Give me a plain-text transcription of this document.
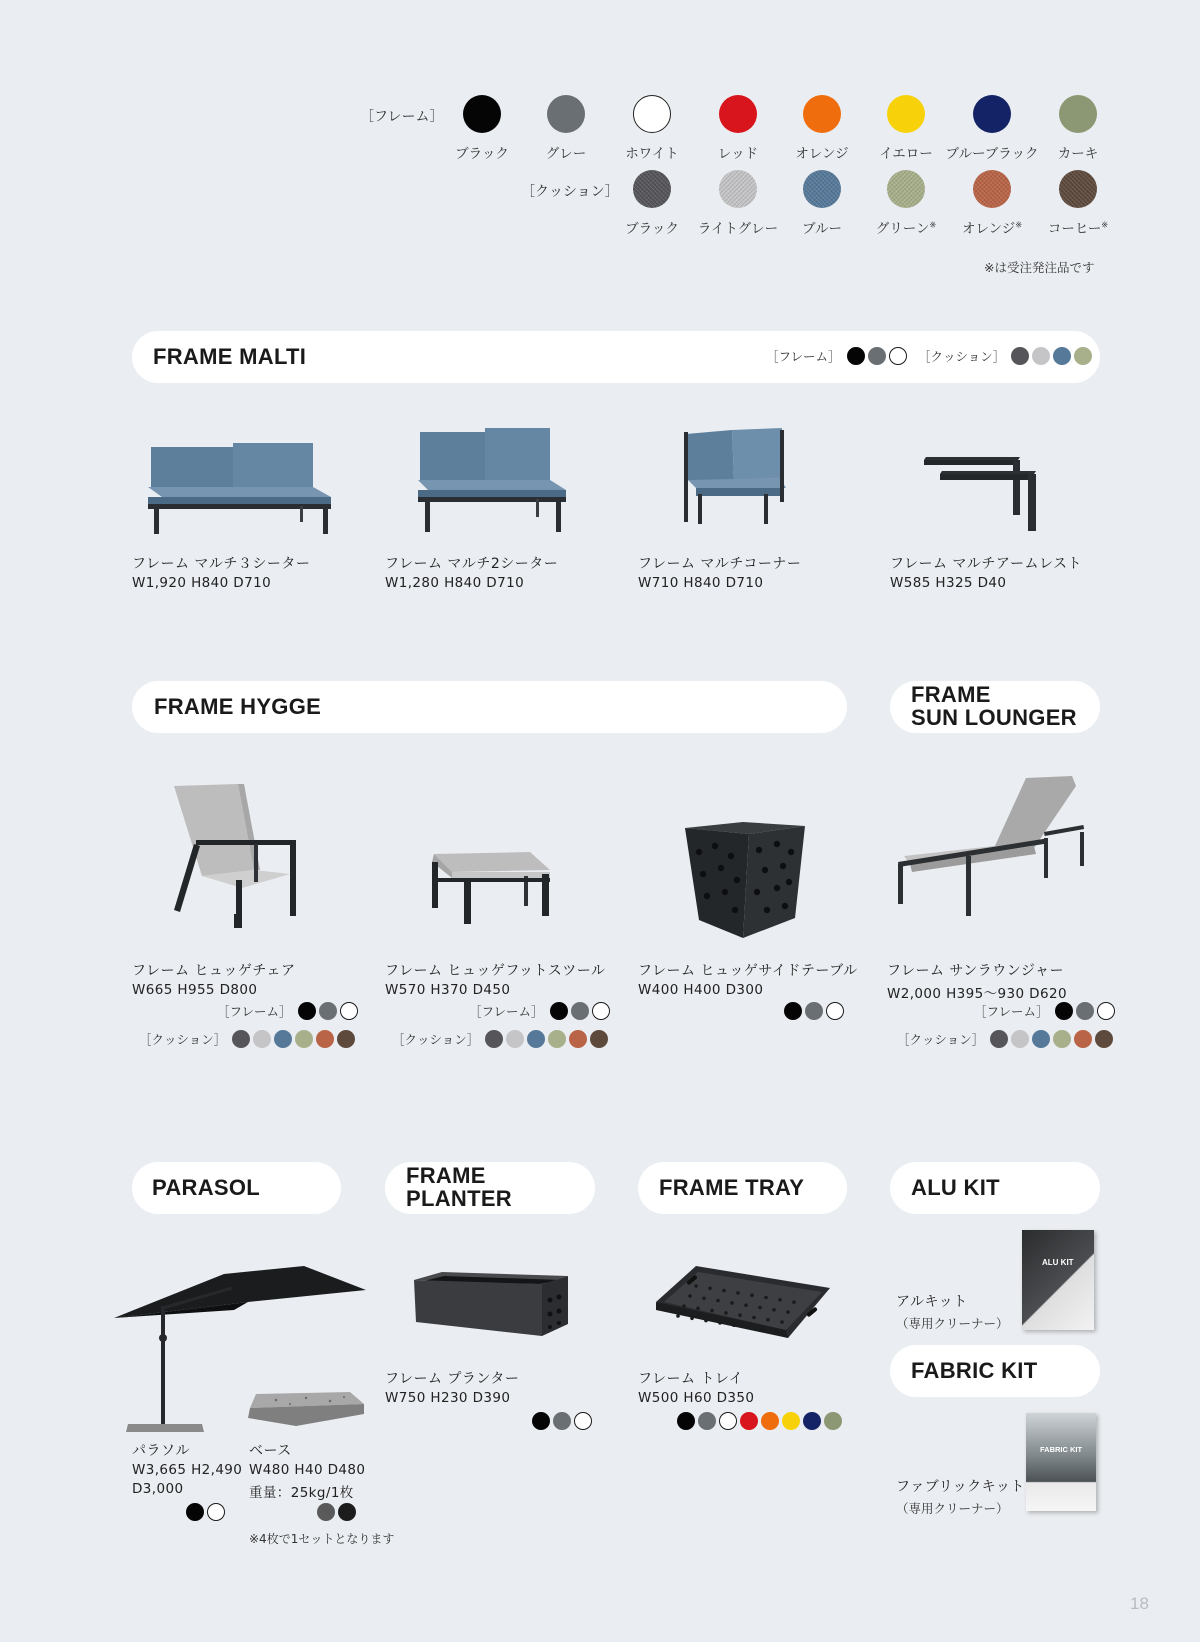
［フレーム］
ブラック	グレー	ホワイト	レッド	オレンジ	イエロー ブルーブラック	カーキ
［クッション］
ブラック	ライトグレー	ブルー	グリーン※	オレンジ※	コーヒー※
※は受注発注品です
FRAME MALTI	［フレーム］	［クッション］
フレーム マルチ３シーター
W1,920 H840 D710
フレーム マルチ2シーター
W1,280 H840 D710
フレーム マルチコーナー
W710 H840 D710
フレーム マルチアームレスト
W585 H325 D40
FRAME HYGGE	FRAME
SUN LOUNGER
フレーム ヒュッゲチェア
W665 H955 D800
［フレーム］
［クッション］
フレーム ヒュッゲフットスツール
W570 H370 D450
［フレーム］
［クッション］
フレーム ヒュッゲサイドテーブル
W400 H400 D300
フレーム サンラウンジャー
W2,000 H395～930 D620
［フレーム］
［クッション］
PARASOL	FRAME
PLANTER	FRAME TRAY	ALU KIT
パラソル
W3,665 H2,490
D3,000
ベース
W480 H40 D480
重量：25kg/1枚
※4枚で1セットとなります
フレーム プランター
W750 H230 D390
フレーム トレイ
W500 H60 D350
アルキット
（専用クリーナー）
ALU KIT
FABRIC KIT
ファブリックキット
（専用クリーナー）
FABRIC KIT
18
